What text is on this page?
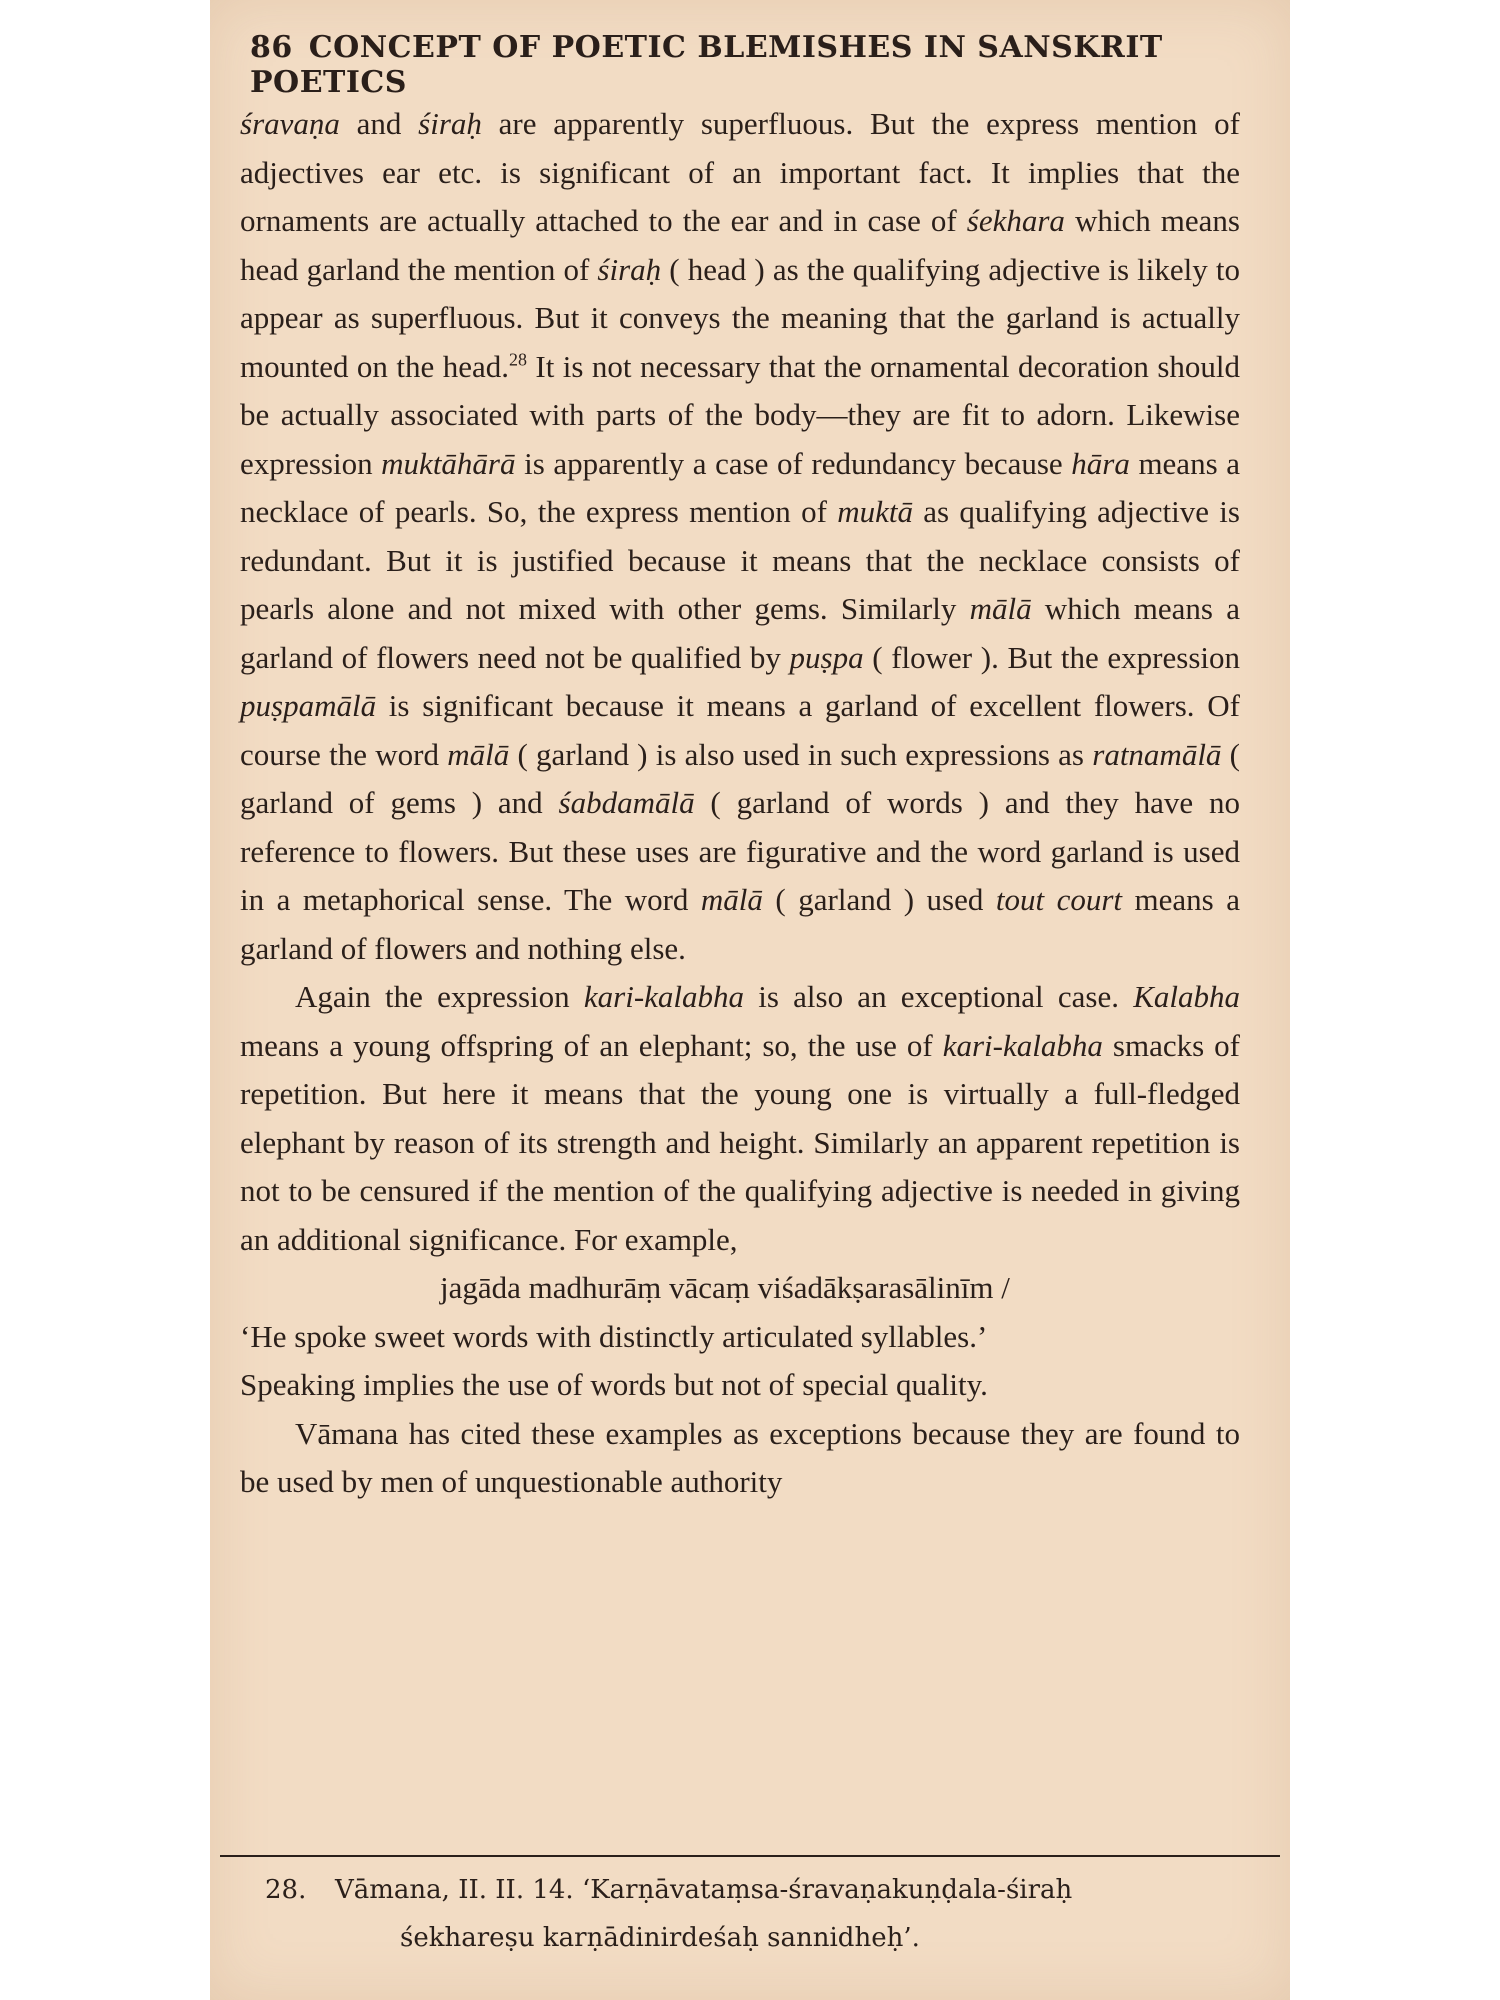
86 CONCEPT OF POETIC BLEMISHES IN SANSKRIT POETICS

śravaṇa and śiraḥ are apparently superfluous. But the express mention of adjectives ear etc. is significant of an important fact. It implies that the ornaments are actually attached to the ear and in case of śekhara which means head garland the mention of śiraḥ ( head ) as the qualifying adjective is likely to appear as superfluous. But it conveys the meaning that the garland is actually mounted on the head.$^{28}$ It is not necessary that the ornamental decoration should be actually associated with parts of the body—they are fit to adorn. Likewise expression muktāhārā is apparently a case of redundancy because hāra means a necklace of pearls. So, the express mention of muktā as qualifying adjective is redundant. But it is justified because it means that the necklace consists of pearls alone and not mixed with other gems. Similarly mālā which means a garland of flowers need not be qualified by puṣpa ( flower ). But the expression puṣpamālā is significant because it means a garland of excellent flowers. Of course the word mālā ( garland ) is also used in such expressions as ratnamālā ( garland of gems ) and śabdamālā ( garland of words ) and they have no reference to flowers. But these uses are figurative and the word garland is used in a metaphorical sense. The word mālā ( garland ) used tout court means a garland of flowers and nothing else.

Again the expression kari-kalabha is also an exceptional case. Kalabha means a young offspring of an elephant; so, the use of kari-kalabha smacks of repetition. But here it means that the young one is virtually a full-fledged elephant by reason of its strength and height. Similarly an apparent repetition is not to be censured if the mention of the qualifying adjective is needed in giving an additional significance. For example,

jagāda madhurāṃ vācaṃ viśadākṣarasālinīm /

‘He spoke sweet words with distinctly articulated syllables.’

Speaking implies the use of words but not of special quality.

Vāmana has cited these examples as exceptions because they are found to be used by men of unquestionable authority

28. Vāmana, II. II. 14. ‘Karṇāvataṃsa-śravaṇakuṇḍala-śiraḥ
śekhareṣu karṇādinirdeśaḥ sannidheḥ’.
